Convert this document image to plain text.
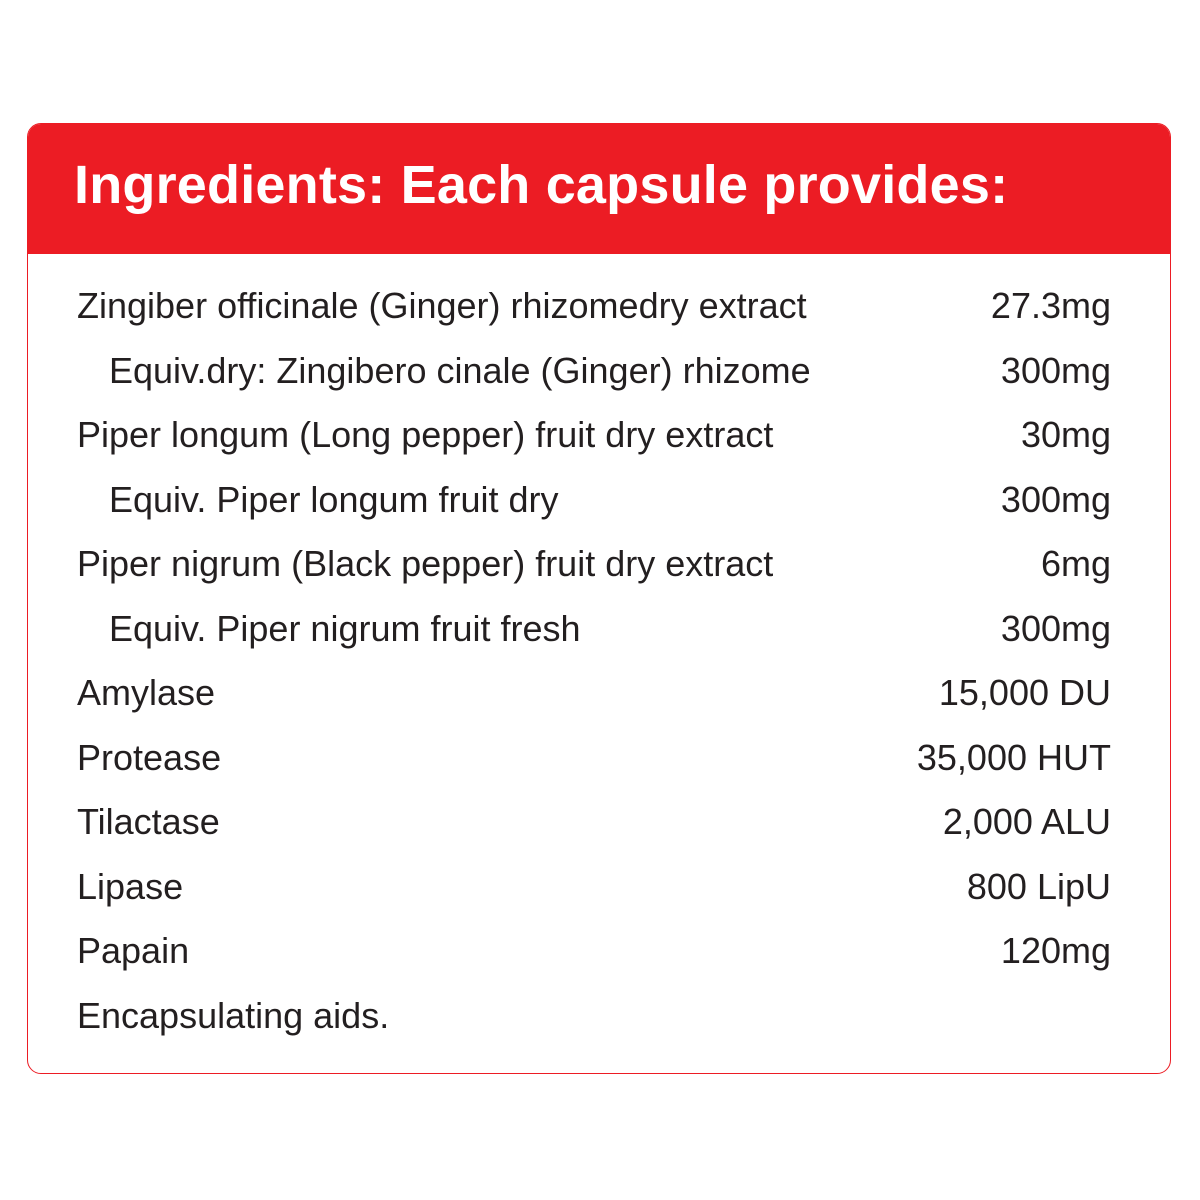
Ingredients: Each capsule provides:
Zingiber officinale (Ginger) rhizomedry extract	27.3mg
Equiv.dry: Zingibero cinale (Ginger) rhizome	300mg
Piper longum (Long pepper) fruit dry extract	30mg
Equiv. Piper longum fruit dry	300mg
Piper nigrum (Black pepper) fruit dry extract	6mg
Equiv. Piper nigrum fruit fresh	300mg
Amylase	15,000 DU
Protease	35,000 HUT
Tilactase	2,000 ALU
Lipase	800 LipU
Papain	120mg
Encapsulating aids.
